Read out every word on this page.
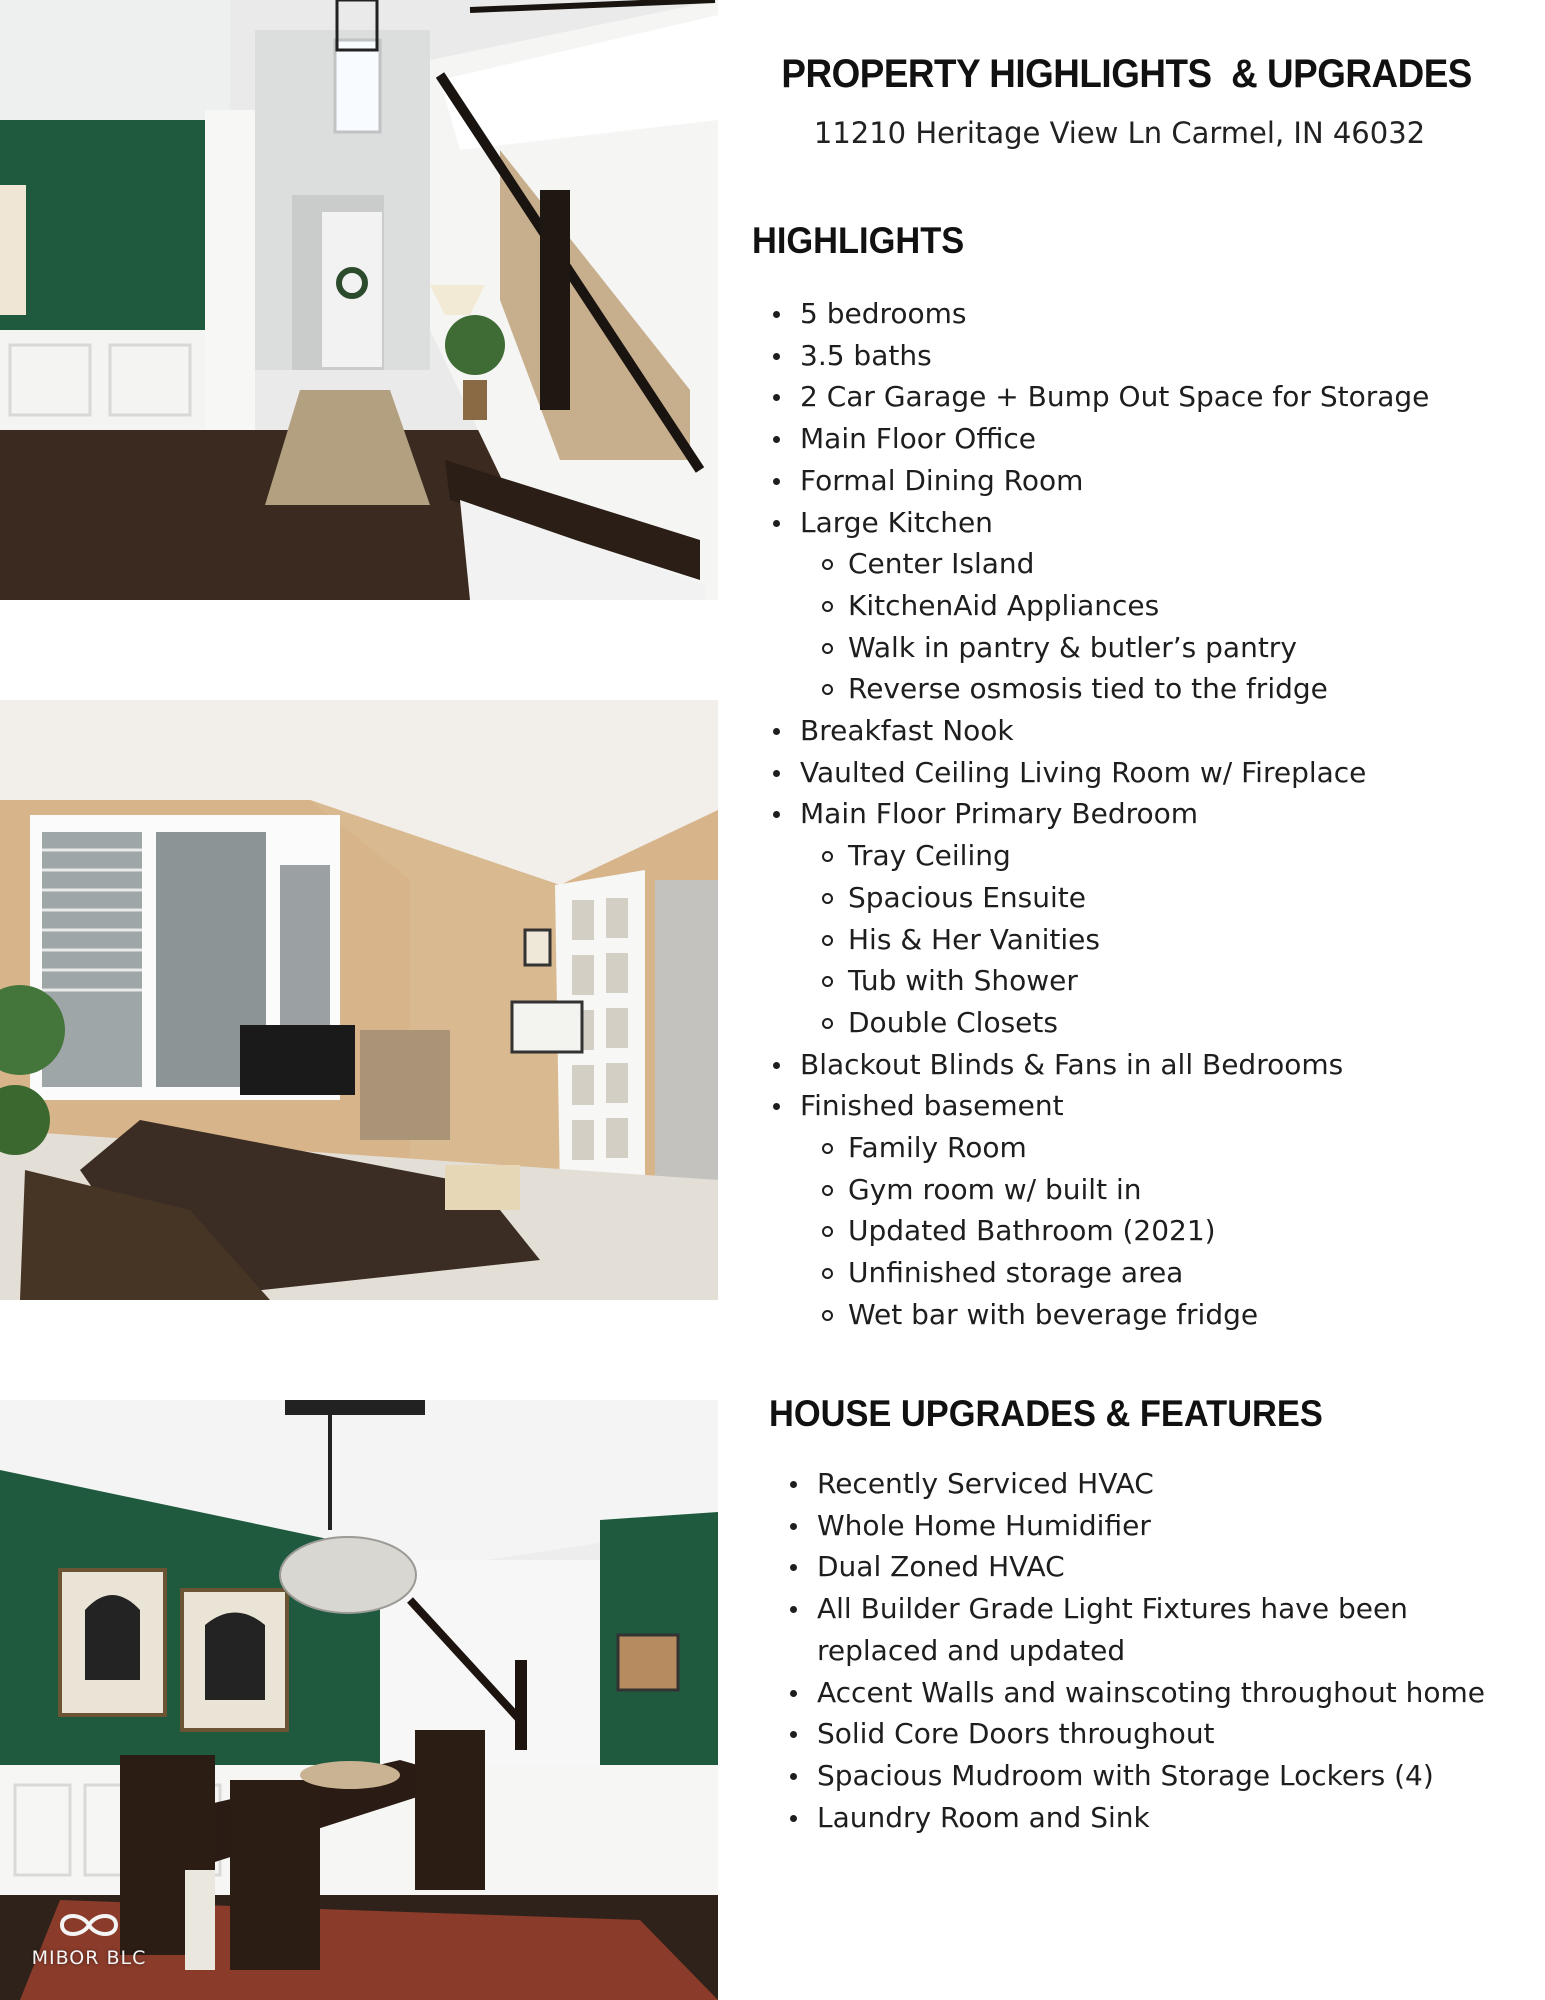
MIBOR BLC
PROPERTY HIGHLIGHTS  & UPGRADES
11210 Heritage View Ln Carmel, IN 46032
HIGHLIGHTS
5 bedrooms
3.5 baths
2 Car Garage + Bump Out Space for Storage
Main Floor Office
Formal Dining Room
Large Kitchen
Center Island
KitchenAid Appliances
Walk in pantry & butler’s pantry
Reverse osmosis tied to the fridge
Breakfast Nook
Vaulted Ceiling Living Room w/ Fireplace
Main Floor Primary Bedroom
Tray Ceiling
Spacious Ensuite
His & Her Vanities
Tub with Shower
Double Closets
Blackout Blinds & Fans in all Bedrooms
Finished basement
Family Room
Gym room w/ built in
Updated Bathroom (2021)
Unfinished storage area
Wet bar with beverage fridge
HOUSE UPGRADES & FEATURES
Recently Serviced HVAC
Whole Home Humidifier
Dual Zoned HVAC
All Builder Grade Light Fixtures have been replaced and updated
Accent Walls and wainscoting throughout home
Solid Core Doors throughout
Spacious Mudroom with Storage Lockers (4)
Laundry Room and Sink
